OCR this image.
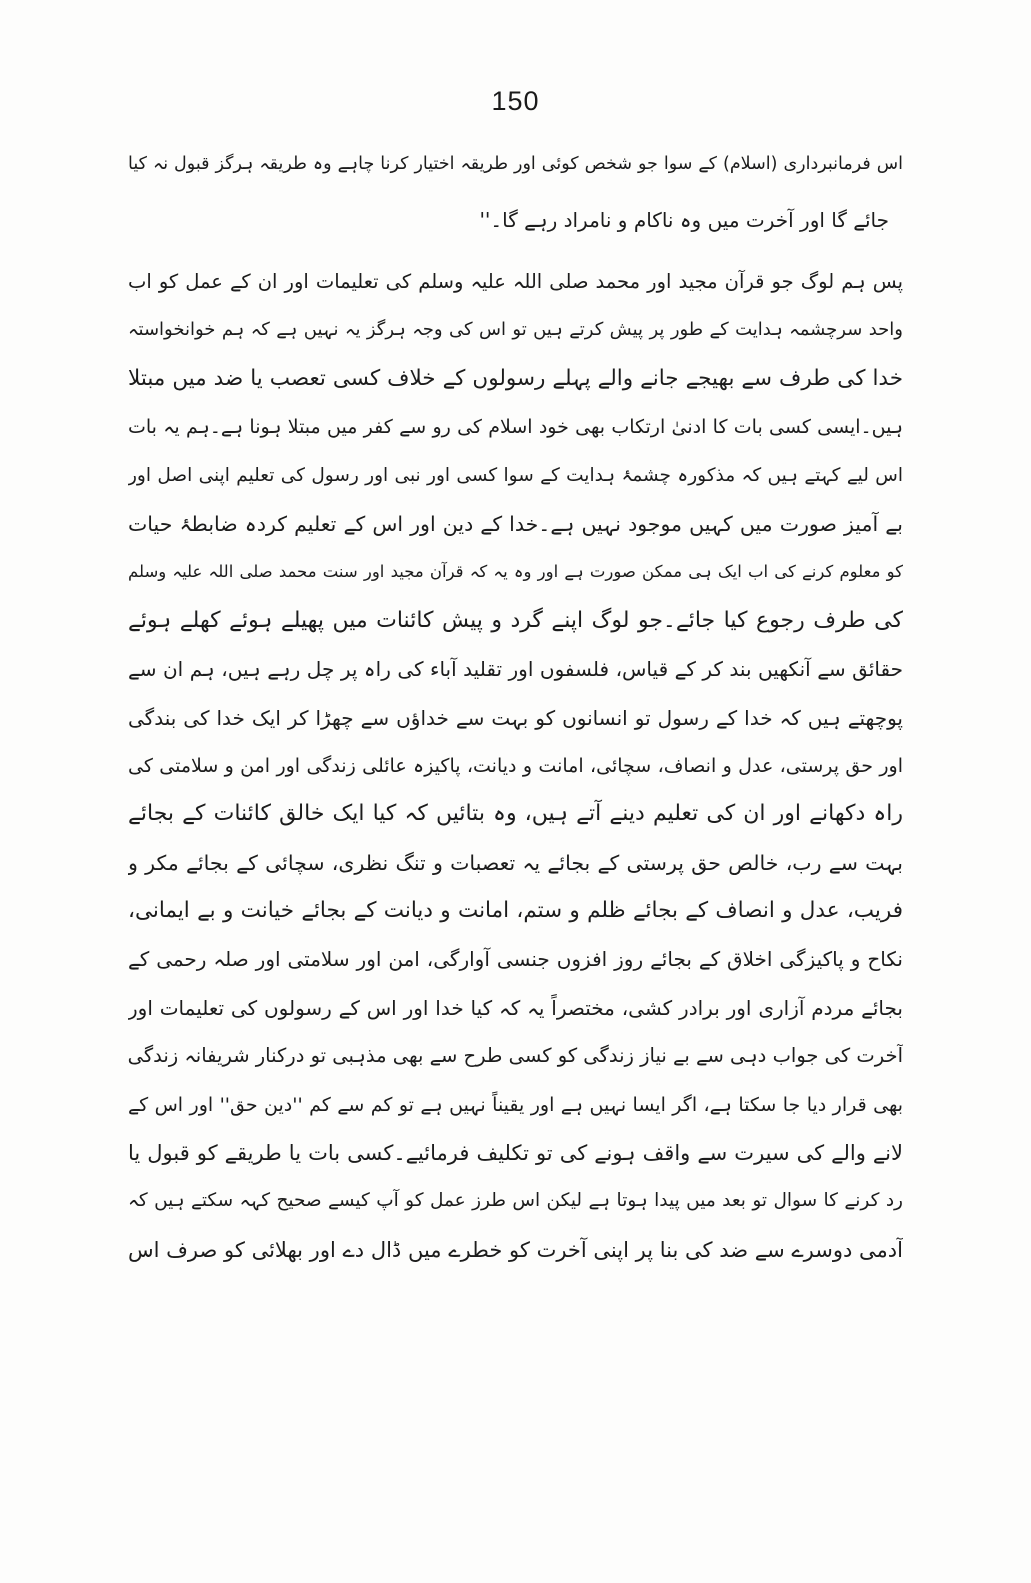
150
اس فرمانبرداری (اسلام) کے سوا جو شخص کوئی اور طریقہ اختیار کرنا چاہے وہ طریقہ ہرگز قبول نہ کیا
جائے گا اور آخرت میں وہ ناکام و نامراد رہے گا۔''
پس ہم لوگ جو قرآن مجید اور محمد صلی اللہ علیہ وسلم کی تعلیمات اور ان کے عمل کو اب
واحد سرچشمہ ہدایت کے طور پر پیش کرتے ہیں تو اس کی وجہ ہرگز یہ نہیں ہے کہ ہم خوانخواستہ
خدا کی طرف سے بھیجے جانے والے پہلے رسولوں کے خلاف کسی تعصب یا ضد میں مبتلا
ہیں۔ایسی کسی بات کا ادنیٰ ارتکاب بھی خود اسلام کی رو سے کفر میں مبتلا ہونا ہے۔ہم یہ بات
اس لیے کہتے ہیں کہ مذکورہ چشمۂ ہدایت کے سوا کسی اور نبی اور رسول کی تعلیم اپنی اصل اور
بے آمیز صورت میں کہیں موجود نہیں ہے۔خدا کے دین اور اس کے تعلیم کردہ ضابطۂ حیات
کو معلوم کرنے کی اب ایک ہی ممکن صورت ہے اور وہ یہ کہ قرآن مجید اور سنت محمد صلی اللہ علیہ وسلم
کی طرف رجوع کیا جائے۔جو لوگ اپنے گرد و پیش کائنات میں پھیلے ہوئے کھلے ہوئے
حقائق سے آنکھیں بند کر کے قیاس، فلسفوں اور تقلید آباء کی راہ پر چل رہے ہیں، ہم ان سے
پوچھتے ہیں کہ خدا کے رسول تو انسانوں کو بہت سے خداؤں سے چھڑا کر ایک خدا کی بندگی
اور حق پرستی، عدل و انصاف، سچائی، امانت و دیانت، پاکیزہ عائلی زندگی اور امن و سلامتی کی
راہ دکھانے اور ان کی تعلیم دینے آتے ہیں، وہ بتائیں کہ کیا ایک خالق کائنات کے بجائے
بہت سے رب، خالص حق پرستی کے بجائے یہ تعصبات و تنگ نظری، سچائی کے بجائے مکر و
فریب، عدل و انصاف کے بجائے ظلم و ستم، امانت و دیانت کے بجائے خیانت و بے ایمانی،
نکاح و پاکیزگی اخلاق کے بجائے روز افزوں جنسی آوارگی، امن اور سلامتی اور صلہ رحمی کے
بجائے مردم آزاری اور برادر کشی، مختصراً یہ کہ کیا خدا اور اس کے رسولوں کی تعلیمات اور
آخرت کی جواب دہی سے بے نیاز زندگی کو کسی طرح سے بھی مذہبی تو درکنار شریفانہ زندگی
بھی قرار دیا جا سکتا ہے، اگر ایسا نہیں ہے اور یقیناً نہیں ہے تو کم سے کم ''دین حق'' اور اس کے
لانے والے کی سیرت سے واقف ہونے کی تو تکلیف فرمائیے۔کسی بات یا طریقے کو قبول یا
رد کرنے کا سوال تو بعد میں پیدا ہوتا ہے لیکن اس طرز عمل کو آپ کیسے صحیح کہہ سکتے ہیں کہ
آدمی دوسرے سے ضد کی بنا پر اپنی آخرت کو خطرے میں ڈال دے اور بھلائی کو صرف اس
